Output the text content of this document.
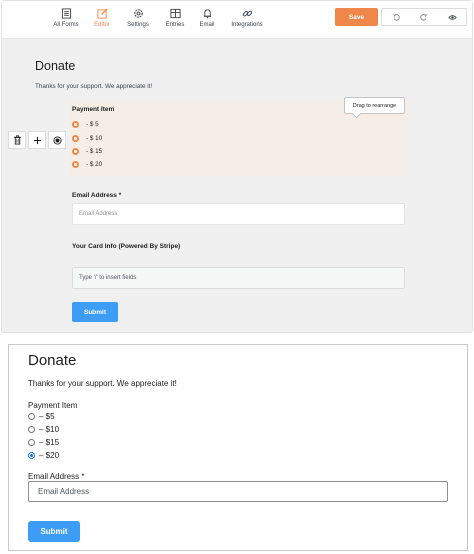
All Forms	Editor	Settings	Entries	Email	Integrations
Save
Donate
Thanks for your support. We appreciate it!
Payment Item
- $ 5
- $ 10
- $ 15
- $ 20
Drag to rearrange
Email Address *
Email Address
Your Card Info (Powered By Stripe)
Type '/' to insert fields
Submit
Donate
Thanks for your support. We appreciate it!
Payment Item
– $5
– $10
– $15
– $20
Email Address *
Email Address
Submit
